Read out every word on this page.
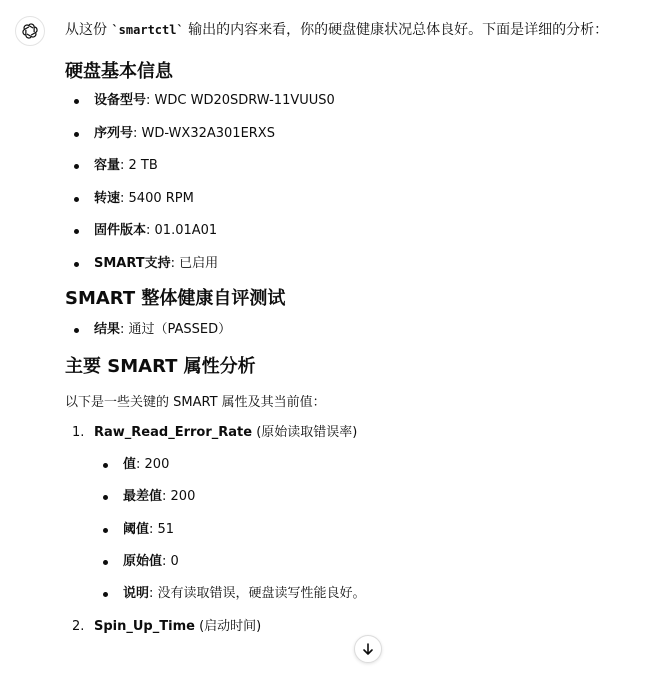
从这份 `smartctl` 输出的内容来看，你的硬盘健康状况总体良好。下面是详细的分析：

硬盘基本信息
设备型号: WDC WD20SDRW-11VUUS0
序列号: WD-WX32A301ERXS
容量: 2 TB
转速: 5400 RPM
固件版本: 01.01A01
SMART支持: 已启用
SMART 整体健康自评测试
结果: 通过（PASSED）
主要 SMART 属性分析

以下是一些关键的 SMART 属性及其当前值：

1. Raw_Read_Error_Rate (原始读取错误率)
值: 200
最差值: 200
阈值: 51
原始值: 0
说明: 没有读取错误，硬盘读写性能良好。
2. Spin_Up_Time (启动时间)
